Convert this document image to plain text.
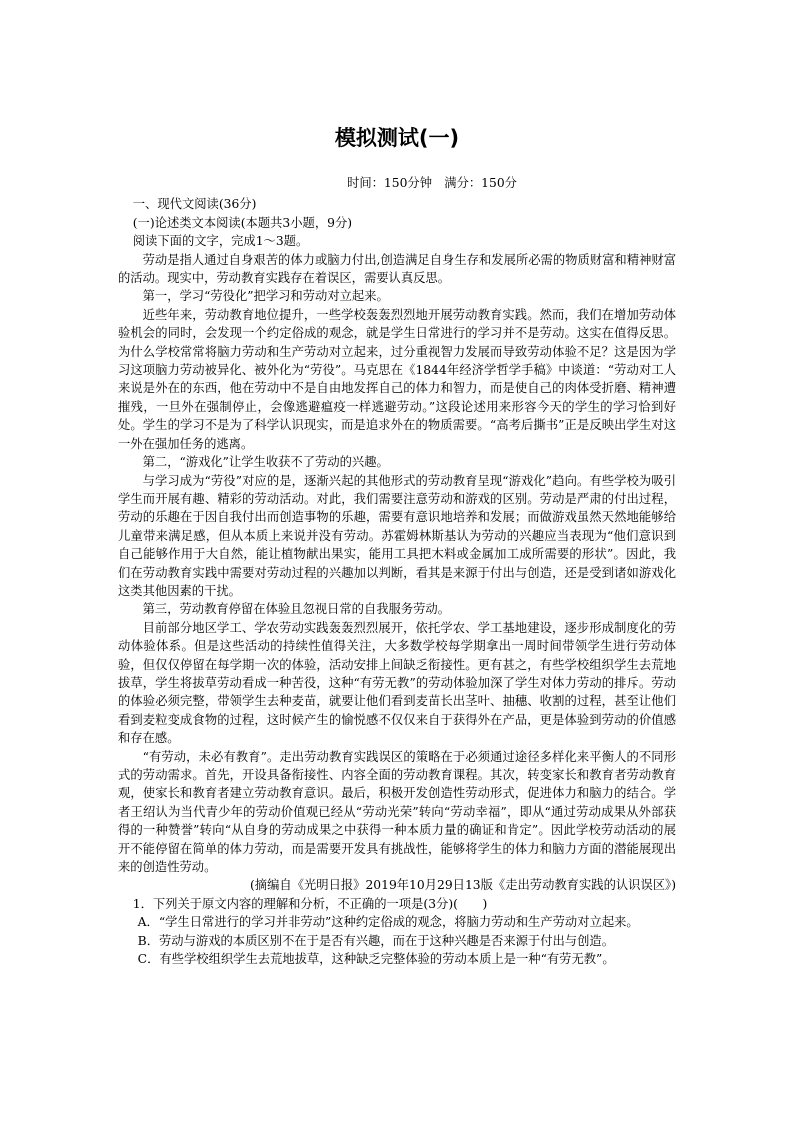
模拟测试(一)
时间：150分钟　满分：150分

一、现代文阅读(36分)

(一)论述类文本阅读(本题共3小题，9分)

阅读下面的文字，完成1～3题。

劳动是指人通过自身艰苦的体力或脑力付出,创造满足自身生存和发展所必需的物质财富和精神财富的活动。现实中，劳动教育实践存在着误区，需要认真反思。

第一，学习“劳役化”把学习和劳动对立起来。

近些年来，劳动教育地位提升，一些学校轰轰烈烈地开展劳动教育实践。然而，我们在增加劳动体验机会的同时，会发现一个约定俗成的观念，就是学生日常进行的学习并不是劳动。这实在值得反思。为什么学校常常将脑力劳动和生产劳动对立起来，过分重视智力发展而导致劳动体验不足？这是因为学习这项脑力劳动被异化、被外化为“劳役”。马克思在《1844年经济学哲学手稿》中谈道：“劳动对工人来说是外在的东西，他在劳动中不是自由地发挥自己的体力和智力，而是使自己的肉体受折磨、精神遭摧残，一旦外在强制停止，会像逃避瘟疫一样逃避劳动。”这段论述用来形容今天的学生的学习恰到好处。学生的学习不是为了科学认识现实，而是追求外在的物质需要。“高考后撕书”正是反映出学生对这一外在强加任务的逃离。

第二，“游戏化”让学生收获不了劳动的兴趣。

与学习成为“劳役”对应的是，逐渐兴起的其他形式的劳动教育呈现“游戏化”趋向。有些学校为吸引学生而开展有趣、精彩的劳动活动。对此，我们需要注意劳动和游戏的区别。劳动是严肃的付出过程，劳动的乐趣在于因自我付出而创造事物的乐趣，需要有意识地培养和发展；而做游戏虽然天然地能够给儿童带来满足感，但从本质上来说并没有劳动。苏霍姆林斯基认为劳动的兴趣应当表现为“他们意识到自己能够作用于大自然，能让植物献出果实，能用工具把木料或金属加工成所需要的形状”。因此，我们在劳动教育实践中需要对劳动过程的兴趣加以判断，看其是来源于付出与创造，还是受到诸如游戏化这类其他因素的干扰。

第三，劳动教育停留在体验且忽视日常的自我服务劳动。

目前部分地区学工、学农劳动实践轰轰烈烈展开，依托学农、学工基地建设，逐步形成制度化的劳动体验体系。但是这些活动的持续性值得关注，大多数学校每学期拿出一周时间带领学生进行劳动体验，但仅仅停留在每学期一次的体验，活动安排上间缺乏衔接性。更有甚之，有些学校组织学生去荒地拔草，学生将拔草劳动看成一种苦役，这种“有劳无教”的劳动体验加深了学生对体力劳动的排斥。劳动的体验必须完整，带领学生去种麦苗，就要让他们看到麦苗长出茎叶、抽穗、收割的过程，甚至让他们看到麦粒变成食物的过程，这时候产生的愉悦感不仅仅来自于获得外在产品，更是体验到劳动的价值感和存在感。

“有劳动，未必有教育”。走出劳动教育实践误区的策略在于必须通过途径多样化来平衡人的不同形式的劳动需求。首先，开设具备衔接性、内容全面的劳动教育课程。其次，转变家长和教育者劳动教育观，使家长和教育者建立劳动教育意识。最后，积极开发创造性劳动形式，促进体力和脑力的结合。学者王绍认为当代青少年的劳动价值观已经从“劳动光荣”转向“劳动幸福”，即从“通过劳动成果从外部获得的一种赞誉”转向“从自身的劳动成果之中获得一种本质力量的确证和肯定”。因此学校劳动活动的展开不能停留在简单的体力劳动，而是需要开发具有挑战性，能够将学生的体力和脑力方面的潜能展现出来的创造性劳动。

(摘编自《光明日报》2019年10月29日13版《走出劳动教育实践的认识误区》)

1．下列关于原文内容的理解和分析，不正确的一项是(3分)(　　)

A．“学生日常进行的学习并非劳动”这种约定俗成的观念，将脑力劳动和生产劳动对立起来。

B．劳动与游戏的本质区别不在于是否有兴趣，而在于这种兴趣是否来源于付出与创造。

C．有些学校组织学生去荒地拔草，这种缺乏完整体验的劳动本质上是一种“有劳无教”。
